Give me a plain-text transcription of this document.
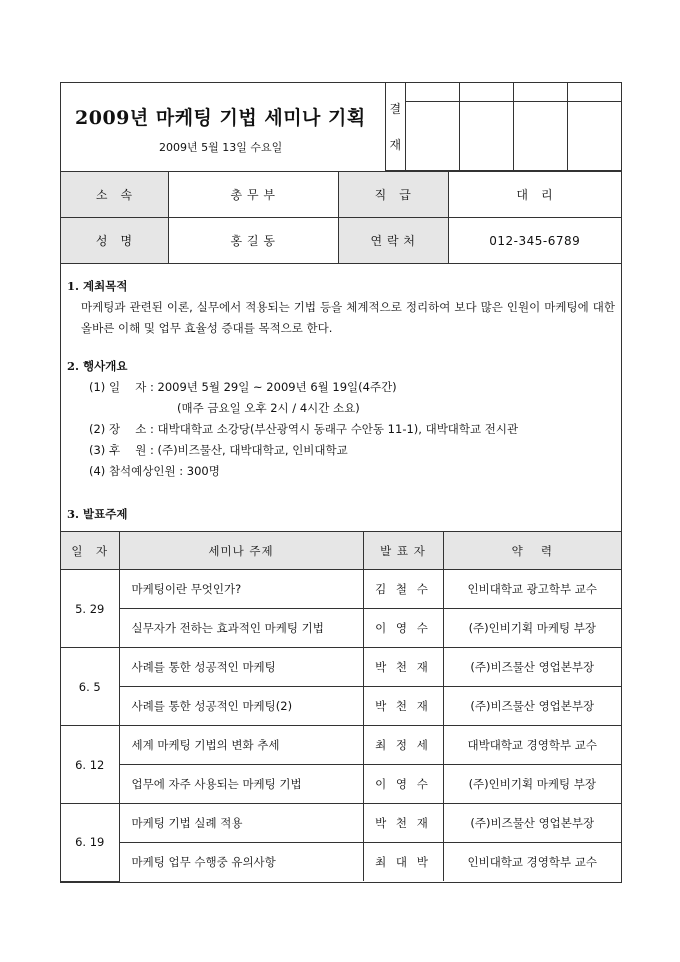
2009년 마케팅 기법 세미나 기획
2009년 5월 13일 수요일
결
재				

소　속	총 무 부	직　급	대　리
성　명	홍 길 동	연 락 처	012-345-6789
1. 계최목적
마케팅과 관련된 이론, 실무에서 적용되는 기법 등을 체계적으로 정리하여 보다 많은 인원이 마케팅에 대한 올바른 이해 및 업무 효율성 증대를 목적으로 한다.
2. 행사개요
(1) 일　 자 : 2009년 5월 29일 ~ 2009년 6월 19일(4주간)
(매주 금요일 오후 2시 / 4시간 소요)
(2) 장　 소 : 대박대학교 소강당(부산광역시 동래구 수안동 11-1), 대박대학교 전시관
(3) 후　 원 : (주)비즈물산, 대박대학교, 인비대학교
(4) 참석예상인원 : 300명
3. 발표주제
일　자	세미나 주제	발 표 자	약　 력
5. 29	마케팅이란 무엇인가?	김 철 수	인비대학교 광고학부 교수
	실무자가 전하는 효과적인 마케팅 기법	이 영 수	(주)인비기획 마케팅 부장
6. 5	사례를 통한 성공적인 마케팅	박 천 재	(주)비즈물산 영업본부장
	사례를 통한 성공적인 마케팅(2)	박 천 재	(주)비즈물산 영업본부장
6. 12	세계 마케팅 기법의 변화 추세	최 정 세	대박대학교 경영학부 교수
	업무에 자주 사용되는 마케팅 기법	이 영 수	(주)인비기획 마케팅 부장
6. 19	마케팅 기법 실례 적용	박 천 재	(주)비즈물산 영업본부장
	마케팅 업무 수행중 유의사항	최 대 박	인비대학교 경영학부 교수
